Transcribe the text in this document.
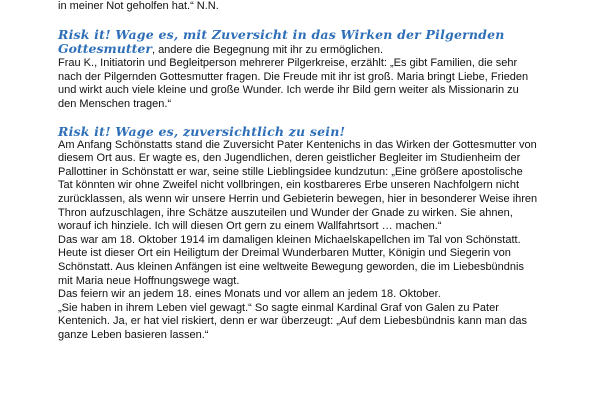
in meiner Not geholfen hat.“ N.N.
Risk it! Wage es, mit Zuversicht in das Wirken der Pilgernden
Gottesmutter, andere die Begegnung mit ihr zu ermöglichen.
Frau K., Initiatorin und Begleitperson mehrerer Pilgerkreise, erzählt: „Es gibt Familien, die sehr
nach der Pilgernden Gottesmutter fragen. Die Freude mit ihr ist groß. Maria bringt Liebe, Frieden
und wirkt auch viele kleine und große Wunder. Ich werde ihr Bild gern weiter als Missionarin zu
den Menschen tragen.“
Risk it! Wage es, zuversichtlich zu sein!
Am Anfang Schönstatts stand die Zuversicht Pater Kentenichs in das Wirken der Gottesmutter von
diesem Ort aus. Er wagte es, den Jugendlichen, deren geistlicher Begleiter im Studienheim der
Pallottiner in Schönstatt er war, seine stille Lieblingsidee kundzutun: „Eine größere apostolische
Tat könnten wir ohne Zweifel nicht vollbringen, ein kostbareres Erbe unseren Nachfolgern nicht
zurücklassen, als wenn wir unsere Herrin und Gebieterin bewegen, hier in besonderer Weise ihren
Thron aufzuschlagen, ihre Schätze auszuteilen und Wunder der Gnade zu wirken. Sie ahnen,
worauf ich hinziele. Ich will diesen Ort gern zu einem Wallfahrtsort … machen.“
Das war am 18. Oktober 1914 im damaligen kleinen Michaelskapellchen im Tal von Schönstatt.
Heute ist dieser Ort ein Heiligtum der Dreimal Wunderbaren Mutter, Königin und Siegerin von
Schönstatt. Aus kleinen Anfängen ist eine weltweite Bewegung geworden, die im Liebesbündnis
mit Maria neue Hoffnungswege wagt.
Das feiern wir an jedem 18. eines Monats und vor allem an jedem 18. Oktober.
„Sie haben in ihrem Leben viel gewagt.“ So sagte einmal Kardinal Graf von Galen zu Pater
Kentenich. Ja, er hat viel riskiert, denn er war überzeugt: „Auf dem Liebesbündnis kann man das
ganze Leben basieren lassen.“
